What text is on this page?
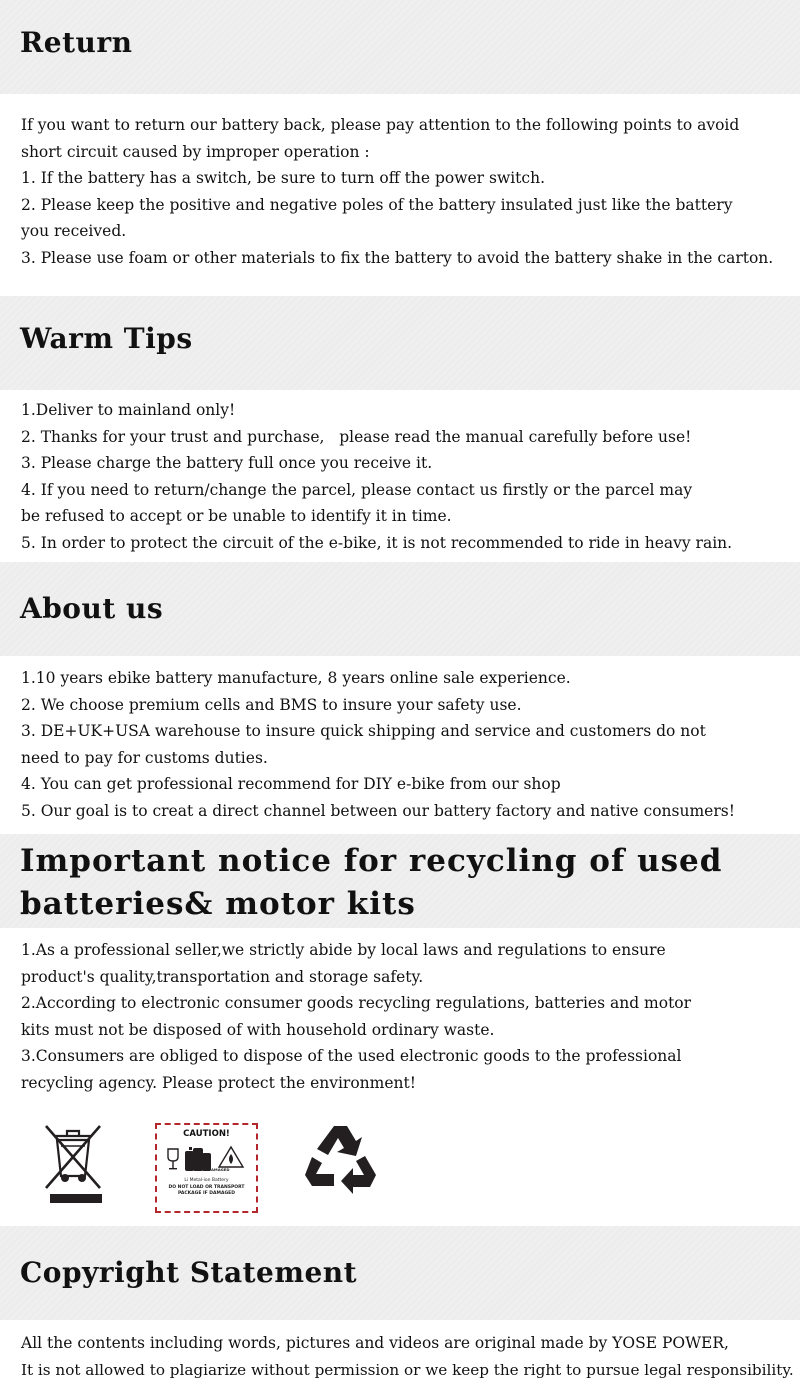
Return
If you want to return our battery back, please pay attention to the following points to avoid
short circuit caused by improper operation :
1. If the battery has a switch, be sure to turn off the power switch.
2. Please keep the positive and negative poles of the battery insulated just like the battery
you received.
3. Please use foam or other materials to fix the battery to avoid the battery shake in the carton.
Warm Tips
1.Deliver to mainland only!
2. Thanks for your trust and purchase,   please read the manual carefully before use!
3. Please charge the battery full once you receive it.
4. If you need to return/change the parcel, please contact us firstly or the parcel may
be refused to accept or be unable to identify it in time.
5. In order to protect the circuit of the e-bike, it is not recommended to ride in heavy rain.
About us
1.10 years ebike battery manufacture, 8 years online sale experience.
2. We choose premium cells and BMS to insure your safety use.
3. DE+UK+USA warehouse to insure quick shipping and service and customers do not
need to pay for customs duties.
4. You can get professional recommend for DIY e-bike from our shop
5. Our goal is to creat a direct channel between our battery factory and native consumers!
Important notice for recycling of used
batteries& motor kits
1.As a professional seller,we strictly abide by local laws and regulations to ensure
product's quality,transportation and storage safety.
2.According to electronic consumer goods recycling regulations, batteries and motor
kits must not be disposed of with household ordinary waste.
3.Consumers are obliged to dispose of the used electronic goods to the professional
recycling agency. Please protect the environment!
CAUTION!
IF DAMAGED
Li Metal-ion Battery
DO NOT LOAD OR TRANSPORT
PACKAGE IF DAMAGED
Copyright Statement
All the contents including words, pictures and videos are original made by YOSE POWER,
It is not allowed to plagiarize without permission or we keep the right to pursue legal responsibility.
